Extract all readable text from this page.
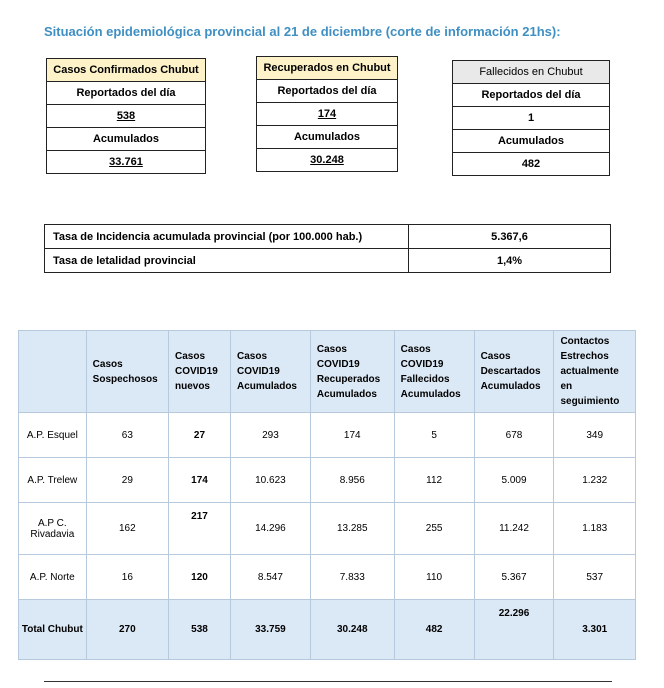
Situación epidemiológica provincial al 21 de diciembre (corte de información 21hs):
Casos Confirmados Chubut
Reportados del día
538
Acumulados
33.761
Recuperados en Chubut
Reportados del día
174
Acumulados
30.248
Fallecidos en Chubut
Reportados del día
1
Acumulados
482
Tasa de Incidencia acumulada provincial (por 100.000 hab.)	5.367,6
Tasa de letalidad provincial	1,4%
	Casos Sospechosos	Casos COVID19 nuevos	Casos COVID19 Acumulados	Casos COVID19 Recuperados Acumulados	Casos COVID19 Fallecidos Acumulados	Casos Descartados Acumulados	Contactos Estrechos actualmente en seguimiento
A.P. Esquel	63	27	293	174	5	678	349
A.P. Trelew	29	174	10.623	8.956	112	5.009	1.232
A.P C. Rivadavia	162	217	14.296	13.285	255	11.242	1.183
A.P. Norte	16	120	8.547	7.833	110	5.367	537
Total Chubut	270	538	33.759	30.248	482	22.296	3.301
